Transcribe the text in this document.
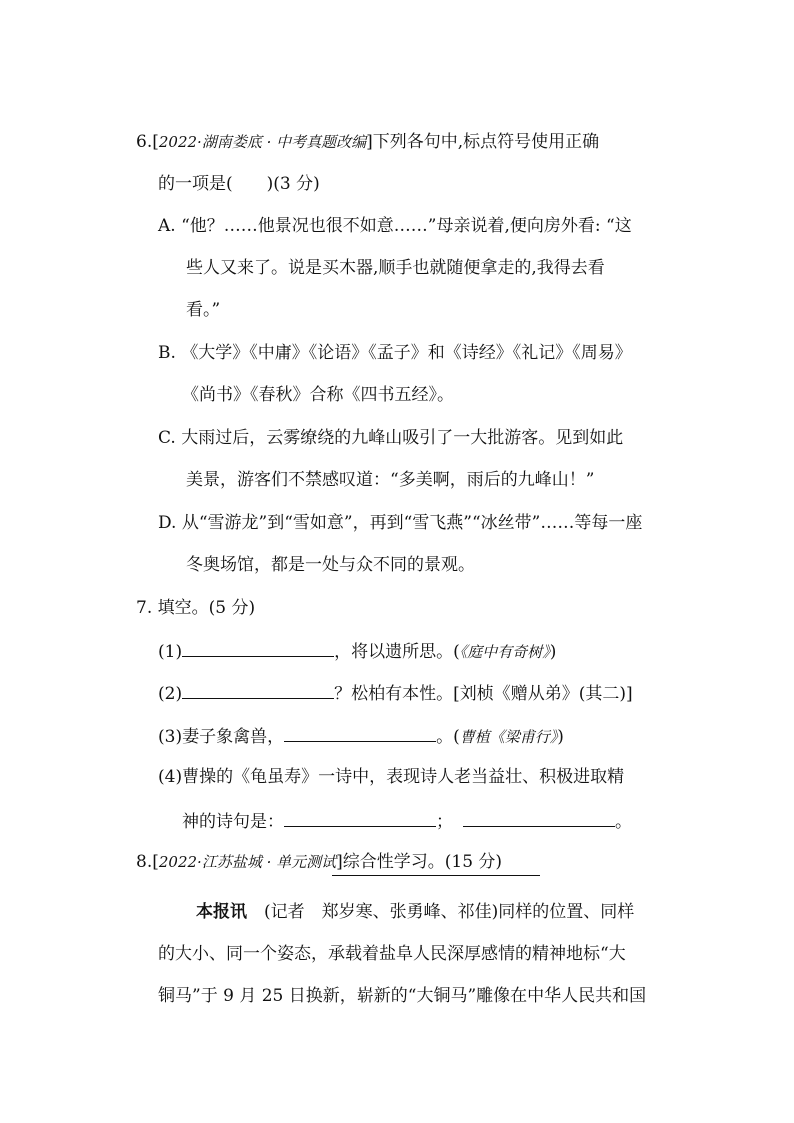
6.[2022·湖南娄底 · 中考真题改编]下列各句中,标点符号使用正确
的一项是(　　)(3 分)
A. “他？……他景况也很不如意……”母亲说着,便向房外看: “这
些人又来了。说是买木器,顺手也就随便拿走的,我得去看
看。”
B. 《大学》《中庸》《论语》《孟子》和《诗经》《礼记》《周易》
《尚书》《春秋》合称《四书五经》。
C. 大雨过后，云雾缭绕的九峰山吸引了一大批游客。见到如此
美景，游客们不禁感叹道：“多美啊，雨后的九峰山！”
D. 从“雪游龙”到“雪如意”，再到“雪飞燕”“冰丝带”……等每一座
冬奥场馆，都是一处与众不同的景观。
7. 填空。(5 分)
(1)	，将以遗所思。(《庭中有奇树》)
(2)	？松柏有本性。[刘桢《赠从弟》(其二)]
(3)妻子象禽兽，	。(曹植《梁甫行》)
(4)曹操的《龟虽寿》一诗中，表现诗人老当益壮、积极进取精
神的诗句是：	；	。
8.[2022·江苏盐城 · 单元测试]综合性学习。(15 分)
本报讯　(记者　郑岁寒、张勇峰、祁佳)同样的位置、同样
的大小、同一个姿态，承载着盐阜人民深厚感情的精神地标“大
铜马”于 9 月 25 日换新，崭新的“大铜马”雕像在中华人民共和国
